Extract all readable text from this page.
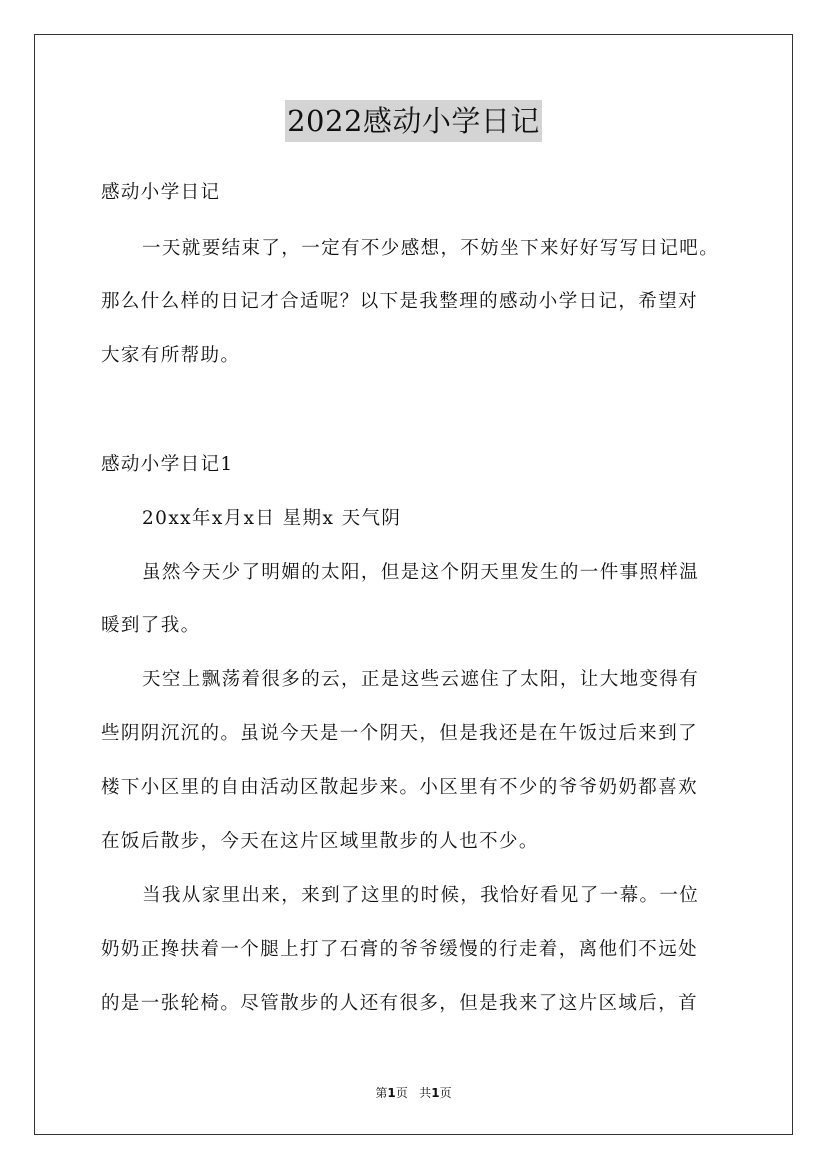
2022感动小学日记
感动小学日记
一天就要结束了，一定有不少感想，不妨坐下来好好写写日记吧。
那么什么样的日记才合适呢？以下是我整理的感动小学日记，希望对
大家有所帮助。
感动小学日记1
20xx年x月x日 星期x 天气阴
虽然今天少了明媚的太阳，但是这个阴天里发生的一件事照样温
暖到了我。
天空上飘荡着很多的云，正是这些云遮住了太阳，让大地变得有
些阴阴沉沉的。虽说今天是一个阴天，但是我还是在午饭过后来到了
楼下小区里的自由活动区散起步来。小区里有不少的爷爷奶奶都喜欢
在饭后散步，今天在这片区域里散步的人也不少。
当我从家里出来，来到了这里的时候，我恰好看见了一幕。一位
奶奶正搀扶着一个腿上打了石膏的爷爷缓慢的行走着，离他们不远处
的是一张轮椅。尽管散步的人还有很多，但是我来了这片区域后，首
第1页 共1页
